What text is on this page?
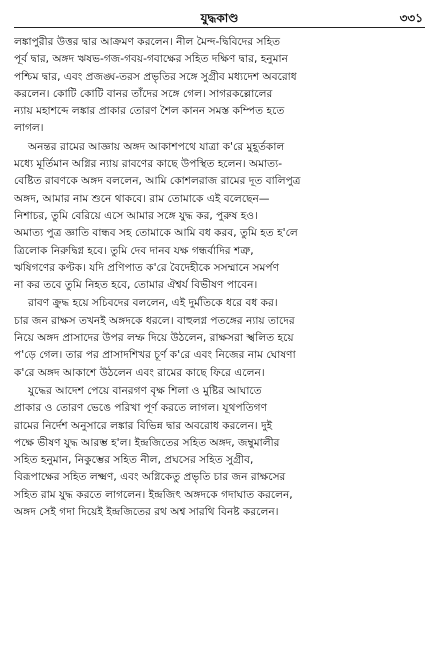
যুদ্ধকাণ্ড	৩৩১
লঙ্কাপুরীর উত্তর দ্বার আক্রমণ করলেন। নীল মৈন্দ-দ্বিবিদের সহিত
পূর্ব দ্বার, অঙ্গদ ঋষভ-গজ-গবয়-গবাক্ষের সহিত দক্ষিণ দ্বার, হনুমান
পশ্চিম দ্বার, এবং প্রজঙ্ঘ-তরস প্রভৃতির সঙ্গে সুগ্রীব মধ্যদেশ অবরোধ
করলেন। কোটি কোটি বানর তাঁদের সঙ্গে গেল। সাগরকল্লোলের
ন্যায় মহাশব্দে লঙ্কার প্রাকার তোরণ শৈল কানন সমস্ত কম্পিত হতে
লাগল।
অনন্তর রামের আজ্ঞায় অঙ্গদ আকাশপথে যাত্রা ক'রে মুহূর্তকাল
মধ্যে মূর্তিমান অগ্নির ন্যায় রাবণের কাছে উপস্থিত হলেন। অমাত্য-
বেষ্টিত রাবণকে অঙ্গদ বললেন, আমি কোশলরাজ রামের দূত বালিপুত্র
অঙ্গদ, আমার নাম শুনে থাকবে। রাম তোমাকে এই বলেছেন—
নিশাচর, তুমি বেরিয়ে এসে আমার সঙ্গে যুদ্ধ কর, পুরুষ হও।
অমাত্য পুত্র জ্ঞাতি বান্ধব সহ তোমাকে আমি বধ করব, তুমি হত হ'লে
ত্রিলোক নিরুদ্বিগ্ন হবে। তুমি দেব দানব যক্ষ গন্ধর্বাদির শত্রু,
ঋষিগণের কণ্টক। যদি প্রণিপাত ক'রে বৈদেহীকে সসম্মানে সমর্পণ
না কর তবে তুমি নিহত হবে, তোমার ঐশ্বর্য বিভীষণ পাবেন।
রাবণ ক্রুদ্ধ হয়ে সচিবদের বললেন, এই দুর্মতিকে ধরে বধ কর।
চার জন রাক্ষস তখনই অঙ্গদকে ধরলে। বাহুলগ্ন পতঙ্গের ন্যায় তাদের
নিয়ে অঙ্গদ প্রাসাদের উপর লম্ফ দিয়ে উঠলেন, রাক্ষসরা স্খলিত হয়ে
প'ড়ে গেল। তার পর প্রাসাদশিখর চূর্ণ ক'রে এবং নিজের নাম ঘোষণা
ক'রে অঙ্গদ আকাশে উঠলেন এবং রামের কাছে ফিরে এলেন।
যুদ্ধের আদেশ পেয়ে বানরগণ বৃক্ষ শিলা ও মুষ্টির আঘাতে
প্রাকার ও তোরণ ভেঙে পরিখা পূর্ণ করতে লাগল। যূথপতিগণ
রামের নির্দেশ অনুসারে লঙ্কার বিভিন্ন দ্বার অবরোধ করলেন। দুই
পক্ষে ভীষণ যুদ্ধ আরম্ভ হ'ল। ইন্দ্রজিতের সহিত অঙ্গদ, জম্বুমালীর
সহিত হনুমান, নিকুম্ভের সহিত নীল, প্রঘসের সহিত সুগ্রীব,
বিরূপাক্ষের সহিত লক্ষ্মণ, এবং অগ্নিকেতু প্রভৃতি চার জন রাক্ষসের
সহিত রাম যুদ্ধ করতে লাগলেন। ইন্দ্রজিৎ অঙ্গদকে গদাঘাত করলেন,
অঙ্গদ সেই গদা দিয়েই ইন্দ্রজিতের রথ অশ্ব সারথি বিনষ্ট করলেন।
